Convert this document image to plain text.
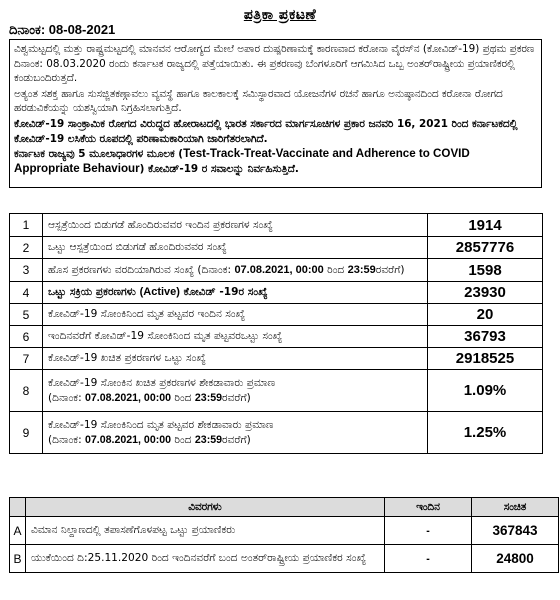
ಪತ್ರಿಕಾ ಪ್ರಕಟಣೆ
ದಿನಾಂಕ: 08-08-2021

ವಿಶ್ವಮಟ್ಟದಲ್ಲಿ ಮತ್ತು ರಾಷ್ಟ್ರಮಟ್ಟದಲ್ಲಿ ಮಾನವನ ಆರೋಗ್ಯದ ಮೇಲೆ ಅಪಾರ ದುಷ್ಪರಿಣಾಮಕ್ಕೆ ಕಾರಣವಾದ ಕರೋನಾ ವೈರಸ್‌ನ (ಕೋವಿಡ್-19) ಪ್ರಥಮ ಪ್ರಕರಣ ದಿನಾಂಕ: 08.03.2020 ರಂದು ಕರ್ನಾಟಕ ರಾಜ್ಯದಲ್ಲಿ ಪತ್ತೆಯಾಯಿತು. ಈ ಪ್ರಕರಣವು ಬೆಂಗಳೂರಿಗೆ ಆಗಮಿಸಿದ ಒಬ್ಬ ಅಂತರ್‌ರಾಷ್ಟ್ರೀಯ ಪ್ರಯಾಣಿಕರಲ್ಲಿ ಕಂಡುಬಂದಿರುತ್ತದೆ.

ಅತ್ಯಂತ ಸಶಕ್ತ ಹಾಗೂ ಸುಸಜ್ಜಿತಕಣ್ಗಾವಲು ವ್ಯವಸ್ಥೆ ಹಾಗೂ ಕಾಲಕಾಲಕ್ಕೆ ಸಮಿಸ್ಥಾರವಾದ ಯೋಜನೆಗಳ ರಚನೆ ಹಾಗೂ ಅನುಷ್ಠಾನದಿಂದ ಕರೋನಾ ರೋಗದ ಹರಡುವಿಕೆಯನ್ನು ಯಶಸ್ವಿಯಾಗಿ ನಿಗ್ರಹಿಸಲಾಗುತ್ತಿದೆ.

ಕೋವಿಡ್-19 ಸಾಂಕ್ರಾಮಿಕ ರೋಗದ ವಿರುದ್ಧದ ಹೋರಾಟದಲ್ಲಿ ಭಾರತ ಸರ್ಕಾರದ ಮಾರ್ಗಸೂಚಿಗಳ ಪ್ರಕಾರ ಜನವರಿ 16, 2021 ರಿಂದ ಕರ್ನಾಟಕದಲ್ಲಿ ಕೋವಿಡ್-19 ಲಸಿಕೆಯ ರೂಪದಲ್ಲಿ ಪರಿಣಾಮಕಾರಿಯಾಗಿ ಜಾರಿಗೆತರಲಾಗಿದೆ.

ಕರ್ನಾಟಕ ರಾಜ್ಯವು 5 ಮೂಲಾಧಾರಗಳ ಮೂಲಕ (Test-Track-Treat-Vaccinate and Adherence to COVID Appropriate Behaviour) ಕೋವಿಡ್-19 ರ ಸವಾಲನ್ನು ನಿರ್ವಹಿಸುತ್ತಿದೆ.

1	ಆಸ್ಪತ್ರೆಯಿಂದ ಬಿಡುಗಡೆ ಹೊಂದಿರುವವರ ಇಂದಿನ ಪ್ರಕರಣಗಳ ಸಂಖ್ಯೆ	1914
2	ಒಟ್ಟು ಆಸ್ಪತ್ರೆಯಿಂದ ಬಿಡುಗಡೆ ಹೊಂದಿರುವವರ ಸಂಖ್ಯೆ	2857776
3	ಹೊಸ ಪ್ರಕರಣಗಳು ವರದಿಯಾಗಿರುವ ಸಂಖ್ಯೆ (ದಿನಾಂಕ: 07.08.2021, 00:00 ರಿಂದ 23:59ರವರೆಗೆ)	1598
4	ಒಟ್ಟು ಸಕ್ರಿಯ ಪ್ರಕರಣಗಳು (Active) ಕೋವಿಡ್ -19ರ ಸಂಖ್ಯೆ	23930
5	ಕೋವಿಡ್-19 ಸೋಂಕಿನಿಂದ ಮೃತ ಪಟ್ಟವರ ಇಂದಿನ ಸಂಖ್ಯೆ	20
6	ಇಂದಿನವರೆಗೆ ಕೋವಿಡ್-19 ಸೋಂಕಿನಿಂದ ಮೃತ ಪಟ್ಟವರಒಟ್ಟು ಸಂಖ್ಯೆ	36793
7	ಕೋವಿಡ್-19 ಖಚಿತ ಪ್ರಕರಣಗಳ ಒಟ್ಟು ಸಂಖ್ಯೆ	2918525
8	ಕೋವಿಡ್-19 ಸೋಂಕಿನ ಖಚಿತ ಪ್ರಕರಣಗಳ ಶೇಕಡಾವಾರು ಪ್ರಮಾಣ
(ದಿನಾಂಕ: 07.08.2021, 00:00 ರಿಂದ 23:59ರವರೆಗೆ)	1.09%
9	ಕೋವಿಡ್-19 ಸೋಂಕಿನಿಂದ ಮೃತ ಪಟ್ಟವರ ಶೇಕಡಾವಾರು ಪ್ರಮಾಣ
(ದಿನಾಂಕ: 07.08.2021, 00:00 ರಿಂದ 23:59ರವರೆಗೆ)	1.25%
	ವಿವರಗಳು	ಇಂದಿನ	ಸಂಚಿತ
A	ವಿಮಾನ ನಿಲ್ದಾಣದಲ್ಲಿ ತಪಾಸಣೆಗೊಳಪಟ್ಟ ಒಟ್ಟು ಪ್ರಯಾಣಿಕರು	-	367843
B	ಯುಕೆಯಿಂದ ದಿ:25.11.2020 ರಿಂದ ಇಂದಿನವರೆಗೆ ಬಂದ ಅಂತರ್‌ರಾಷ್ಟ್ರೀಯ ಪ್ರಯಾಣಿಕರ ಸಂಖ್ಯೆ	-	24800
